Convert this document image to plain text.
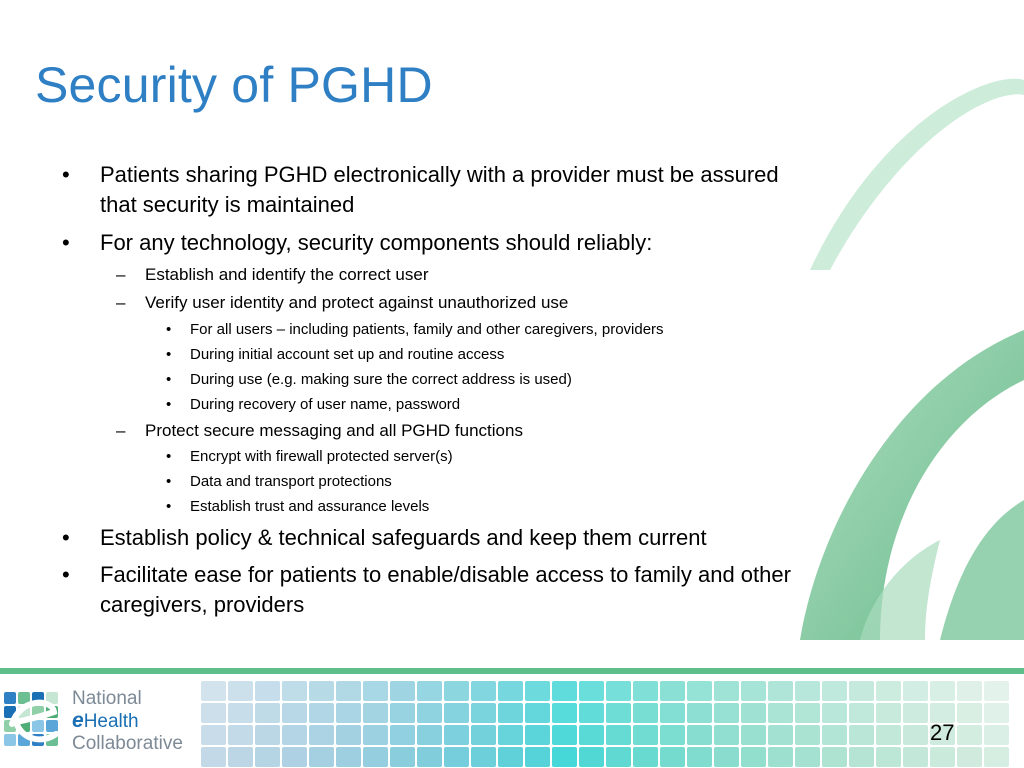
Security of PGHD
• Patients sharing PGHD electronically with a provider must be assured that security is maintained
• For any technology, security components should reliably:
– Establish and identify the correct user
– Verify user identity and protect against unauthorized use
• For all users – including patients, family and other caregivers, providers
• During initial account set up and routine access
• During use (e.g. making sure the correct address is used)
• During recovery of user name, password
– Protect secure messaging and all PGHD functions
• Encrypt with firewall protected server(s)
• Data and transport protections
• Establish trust and assurance levels
• Establish policy & technical safeguards and keep them current
• Facilitate ease for patients to enable/disable access to family and other caregivers, providers
National
eHealth
Collaborative	27
